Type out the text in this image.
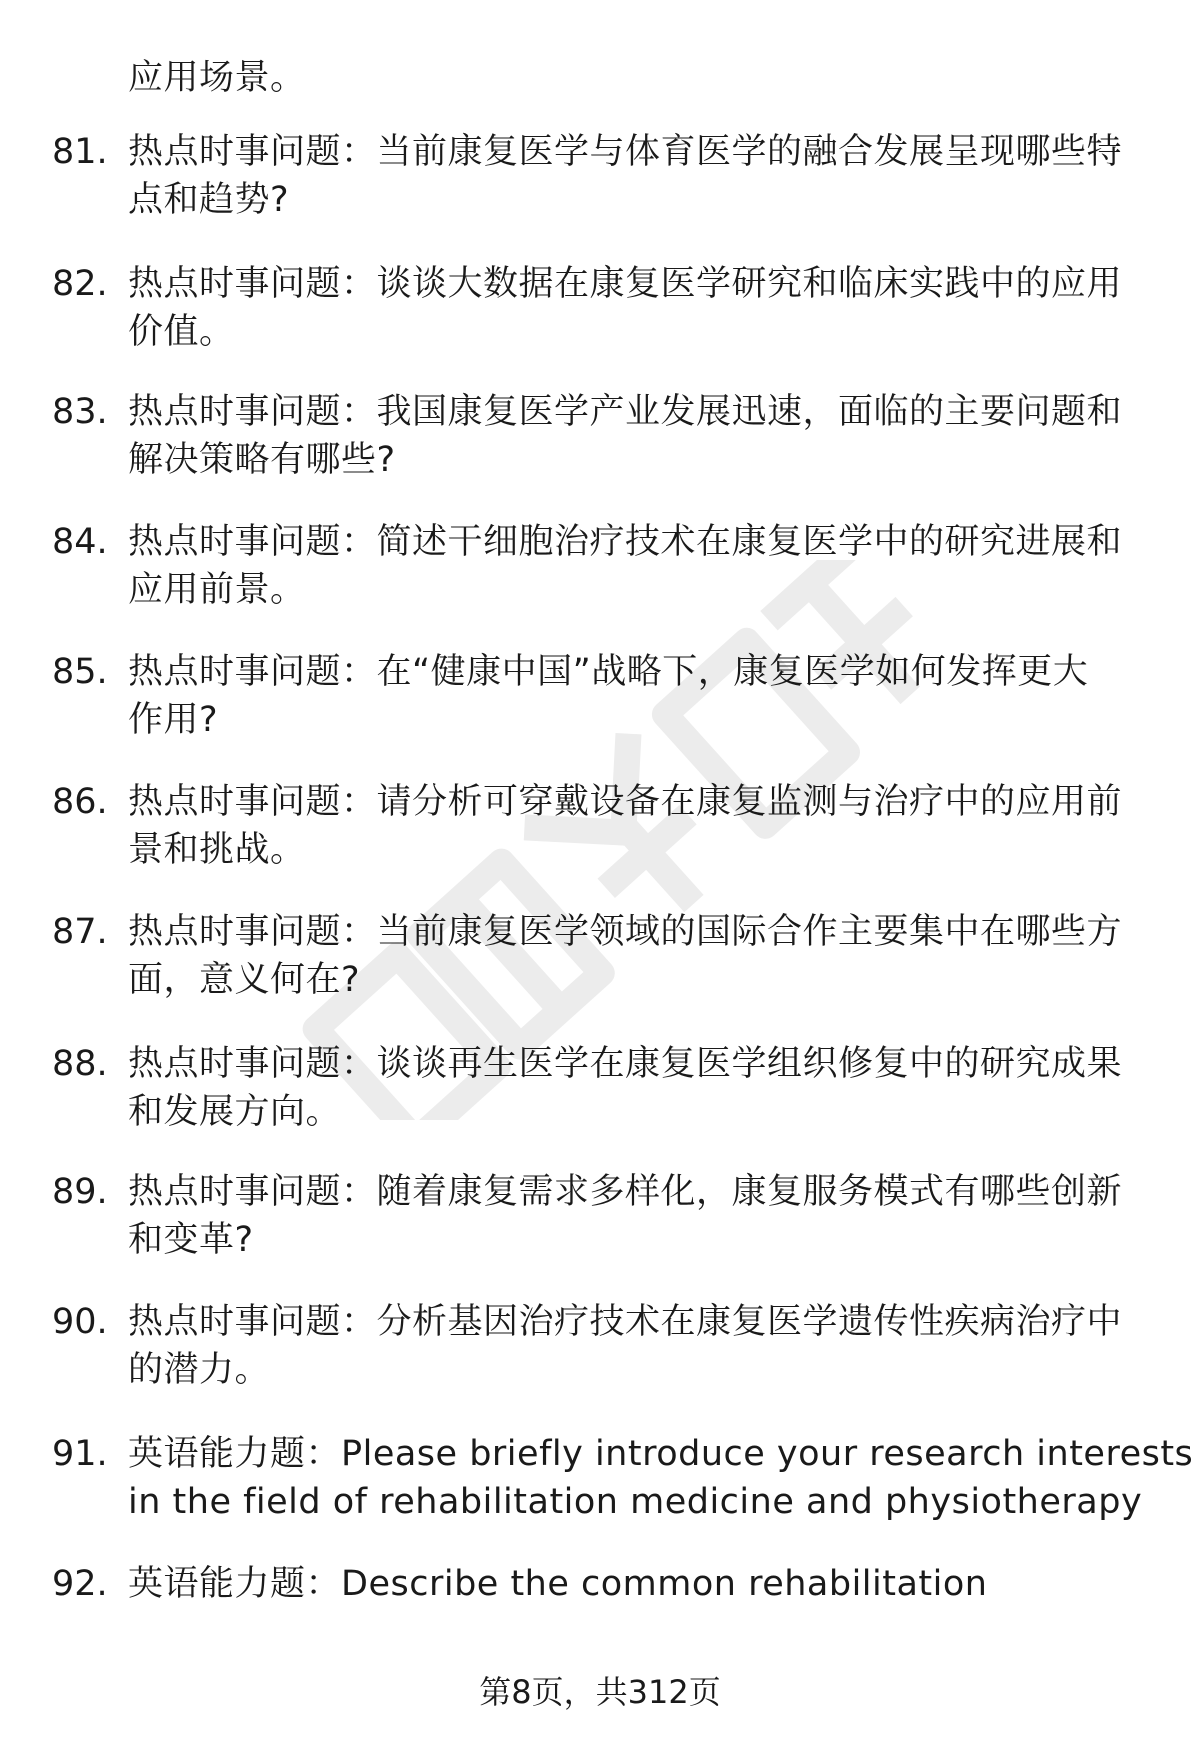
应用场景。
81. 热点时事问题：当前康复医学与体育医学的融合发展呈现哪些特
点和趋势?
82. 热点时事问题：谈谈大数据在康复医学研究和临床实践中的应用
价值。
83. 热点时事问题：我国康复医学产业发展迅速，面临的主要问题和
解决策略有哪些?
84. 热点时事问题：简述干细胞治疗技术在康复医学中的研究进展和
应用前景。
85. 热点时事问题：在“健康中国”战略下，康复医学如何发挥更大
作用?
86. 热点时事问题：请分析可穿戴设备在康复监测与治疗中的应用前
景和挑战。
87. 热点时事问题：当前康复医学领域的国际合作主要集中在哪些方
面，意义何在?
88. 热点时事问题：谈谈再生医学在康复医学组织修复中的研究成果
和发展方向。
89. 热点时事问题：随着康复需求多样化，康复服务模式有哪些创新
和变革?
90. 热点时事问题：分析基因治疗技术在康复医学遗传性疾病治疗中
的潜力。
91. 英语能力题：Please briefly introduce your research interests
in the field of rehabilitation medicine and physiotherapy
92. 英语能力题：Describe the common rehabilitation
第8页，共312页
